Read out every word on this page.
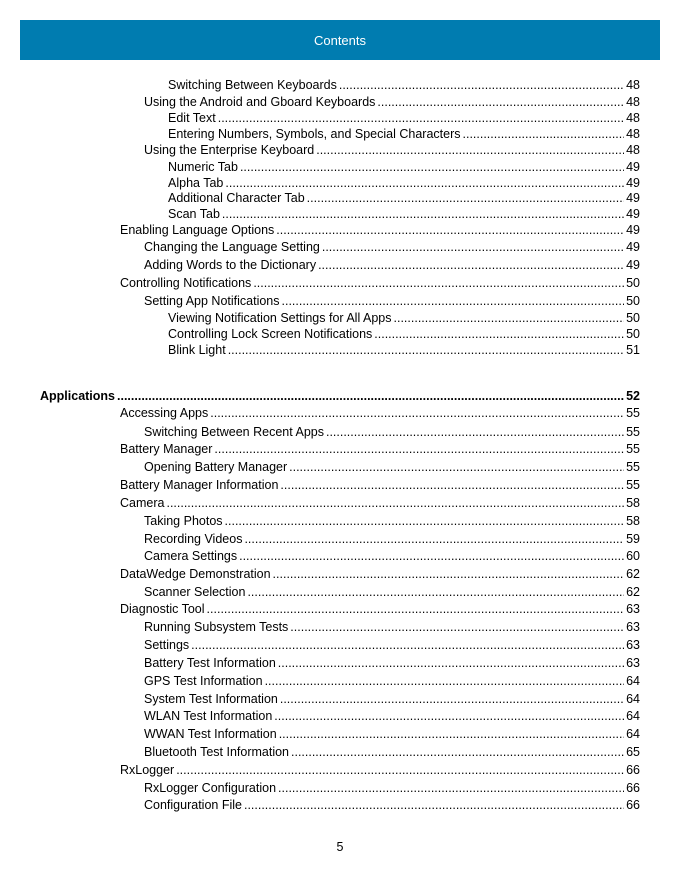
Contents
Switching Between Keyboards .....	48
Using the Android and Gboard Keyboards .....	48
Edit Text .....	48
Entering Numbers, Symbols, and Special Characters .....	48
Using the Enterprise Keyboard .....	48
Numeric Tab .....	49
Alpha Tab .....	49
Additional Character Tab .....	49
Scan Tab .....	49
Enabling Language Options .....	49
Changing the Language Setting .....	49
Adding Words to the Dictionary .....	49
Controlling Notifications .....	50
Setting App Notifications .....	50
Viewing Notification Settings for All Apps .....	50
Controlling Lock Screen Notifications .....	50
Blink Light .....	51
Applications .....	52
Accessing Apps .....	55
Switching Between Recent Apps .....	55
Battery Manager .....	55
Opening Battery Manager .....	55
Battery Manager Information .....	55
Camera .....	58
Taking Photos .....	58
Recording Videos .....	59
Camera Settings .....	60
DataWedge Demonstration .....	62
Scanner Selection .....	62
Diagnostic Tool .....	63
Running Subsystem Tests .....	63
Settings .....	63
Battery Test Information .....	63
GPS Test Information .....	64
System Test Information .....	64
WLAN Test Information .....	64
WWAN Test Information .....	64
Bluetooth Test Information .....	65
RxLogger .....	66
RxLogger Configuration .....	66
Configuration File .....	66
5
